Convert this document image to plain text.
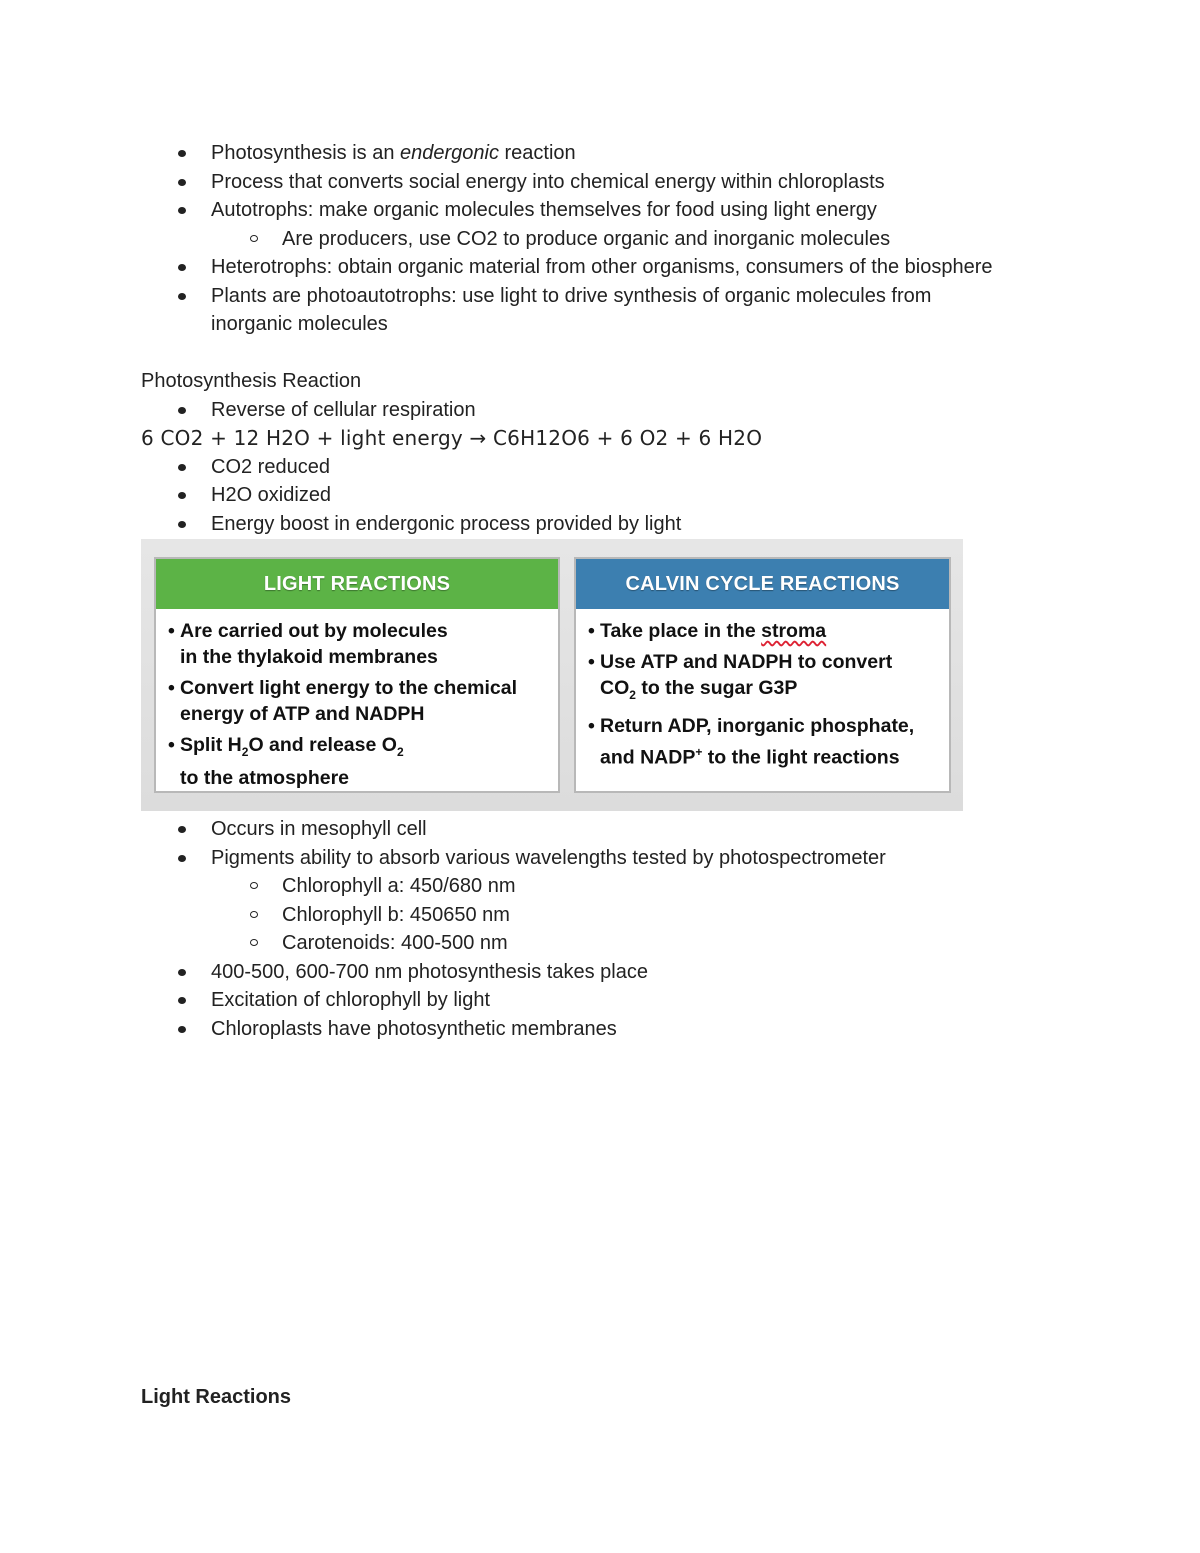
Photosynthesis is an endergonic reaction
Process that converts social energy into chemical energy within chloroplasts
Autotrophs: make organic molecules themselves for food using light energy
Are producers, use CO2 to produce organic and inorganic molecules
Heterotrophs: obtain organic material from other organisms, consumers of the biosphere
Plants are photoautotrophs: use light to drive synthesis of organic molecules from
inorganic molecules
Photosynthesis Reaction
Reverse of cellular respiration
6 CO2 + 12 H2O + light energy → C6H12O6 + 6 O2 + 6 H2O
CO2 reduced
H2O oxidized
Energy boost in endergonic process provided by light
LIGHT REACTIONS
• Are carried out by molecules
in the thylakoid membranes
• Convert light energy to the chemical
energy of ATP and NADPH
• Split $H_2O$ and release $O_2$
to the atmosphere
CALVIN CYCLE REACTIONS
• Take place in the stroma
• Use ATP and NADPH to convert
$CO_2$ to the sugar G3P
• Return ADP, inorganic phosphate,
and NADP+ to the light reactions
Occurs in mesophyll cell
Pigments ability to absorb various wavelengths tested by photospectrometer
Chlorophyll a: 450/680 nm
Chlorophyll b: 450650 nm
Carotenoids: 400-500 nm
400-500, 600-700 nm photosynthesis takes place
Excitation of chlorophyll by light
Chloroplasts have photosynthetic membranes
Light Reactions
